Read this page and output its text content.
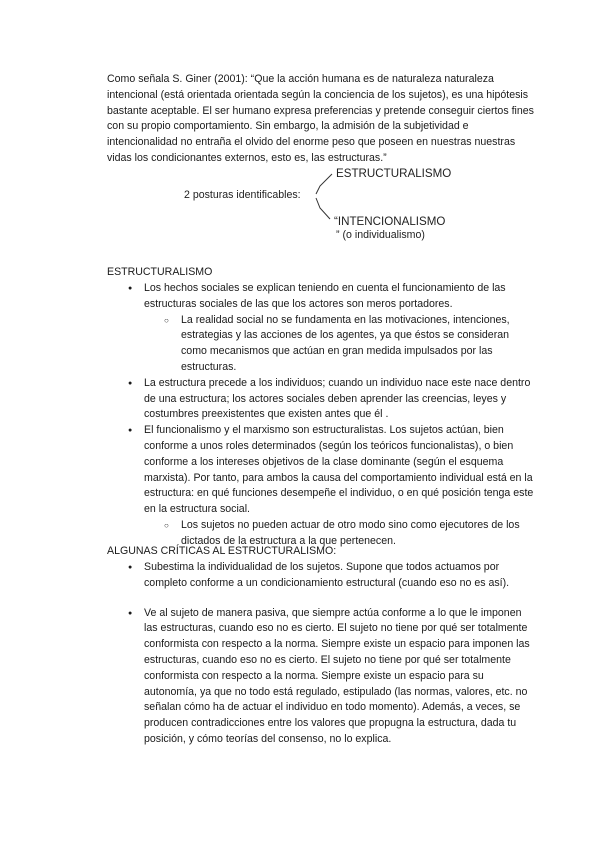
Como señala S. Giner (2001): “Que la acción humana es de naturaleza naturaleza intencional (está orientada orientada según la conciencia de los sujetos), es una hipótesis bastante aceptable. El ser humano expresa preferencias y pretende conseguir ciertos fines con su propio comportamiento. Sin embargo, la admisión de la subjetividad e intencionalidad no entraña el olvido del enorme peso que poseen en nuestras nuestras vidas los condicionantes externos, esto es, las estructuras.”

2 posturas identificables:
ESTRUCTURALISMO
“INTENCIONALISMO
” (o individualismo)
ESTRUCTURALISMO

● Los hechos sociales se explican teniendo en cuenta el funcionamiento de las estructuras sociales de las que los actores son meros portadores.

○ La realidad social no se fundamenta en las motivaciones, intenciones, estrategias y las acciones de los agentes, ya que éstos se consideran como mecanismos que actúan en gran medida impulsados por las estructuras.

● La estructura precede a los individuos; cuando un individuo nace este nace dentro de una estructura; los actores sociales deben aprender las creencias, leyes y costumbres preexistentes que existen antes que él .

● El funcionalismo y el marxismo son estructuralistas. Los sujetos actúan, bien conforme a unos roles determinados (según los teóricos funcionalistas), o bien conforme a los intereses objetivos de la clase dominante (según el esquema marxista). Por tanto, para ambos la causa del comportamiento individual está en la estructura: en qué funciones desempeñe el individuo, o en qué posición tenga este en la estructura social.

○ Los sujetos no pueden actuar de otro modo sino como ejecutores de los dictados de la estructura a la que pertenecen.

ALGUNAS CRÍTICAS AL ESTRUCTURALISMO:

● Subestima la individualidad de los sujetos. Supone que todos actuamos por completo conforme a un condicionamiento estructural (cuando eso no es así).

● Ve al sujeto de manera pasiva, que siempre actúa conforme a lo que le imponen las estructuras, cuando eso no es cierto. El sujeto no tiene por qué ser totalmente conformista con respecto a la norma. Siempre existe un espacio para imponen las estructuras, cuando eso no es cierto. El sujeto no tiene por qué ser totalmente conformista con respecto a la norma. Siempre existe un espacio para su autonomía, ya que no todo está regulado, estipulado (las normas, valores, etc. no señalan cómo ha de actuar el individuo en todo momento). Además, a veces, se producen contradicciones entre los valores que propugna la estructura, dada tu posición, y cómo teorías del consenso, no lo explica.
